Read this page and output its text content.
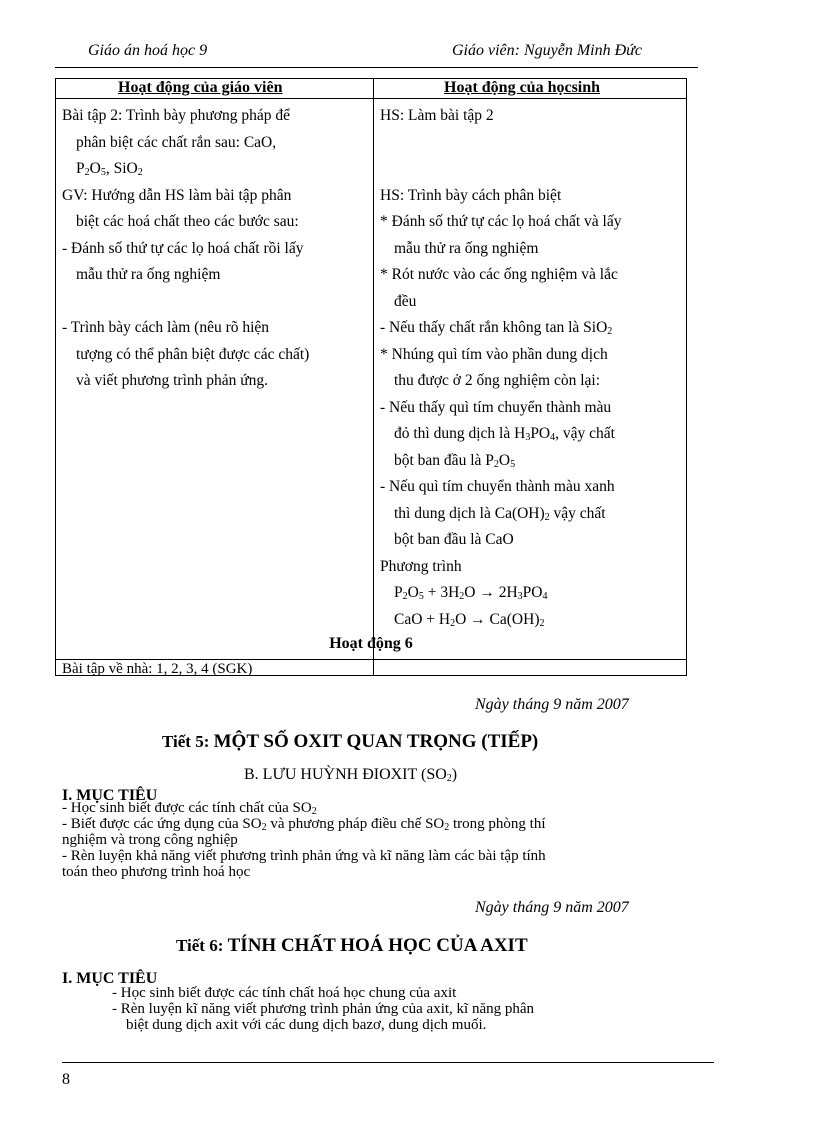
Giáo án hoá học 9	Giáo viên: Nguyễn Minh Đức
Hoạt động của giáo viên	Hoạt động của họcsinh

Bài tập 2: Trình bày phương pháp để

phân biệt các chất rắn sau: CaO,

$P_2O_5$, SiO$_2$

GV: Hướng dẫn HS làm bài tập phân

biệt các hoá chất theo các bước sau:

- Đánh số thứ tự các lọ hoá chất rồi lấy

mẫu thử ra ống nghiệm

- Trình bày cách làm (nêu rõ hiện

tượng có thể phân biệt được các chất)

và viết phương trình phản ứng.

HS: Làm bài tập 2

HS: Trình bày cách phân biệt

* Đánh số thứ tự các lọ hoá chất và lấy

mẫu thử ra ống nghiệm

* Rót nước vào các ống nghiệm và lắc

đều

- Nếu thấy chất rắn không tan là SiO$_2$

* Nhúng quì tím vào phần dung dịch

thu được ở 2 ống nghiệm còn lại:

- Nếu thấy quì tím chuyển thành màu

đỏ thì dung dịch là $H_3PO_4$, vậy chất

bột ban đầu là $P_2O_5$

- Nếu quì tím chuyển thành màu xanh

thì dung dịch là $Ca(OH)_2$ vậy chất

bột ban đầu là CaO

Phương trình

$P_2O_5 + 3H_2O \to 2H_3PO_4$

CaO + $H_2O \to Ca(OH)_2$

Hoạt động 6
Bài tập về nhà: 1, 2, 3, 4 (SGK)
Ngày tháng 9 năm 2007
Tiết 5: MỘT SỐ OXIT QUAN TRỌNG (TIẾP)
B. LƯU HUỲNH ĐIOXIT $(SO_2)$
I. MỤC TIÊU

- Học sinh biết được các tính chất của $SO_2$

- Biết được các ứng dụng của $SO_2$ và phương pháp điều chế $SO_2$ trong phòng thí

nghiệm và trong công nghiệp

- Rèn luyện khả năng viết phương trình phản ứng và kĩ năng làm các bài tập tính

toán theo phương trình hoá học

Ngày tháng 9 năm 2007
Tiết 6: TÍNH CHẤT HOÁ HỌC CỦA AXIT
I. MỤC TIÊU

- Học sinh biết được các tính chất hoá học chung của axit

- Rèn luyện kĩ năng viết phương trình phản ứng của axit, kĩ năng phân

biệt dung dịch axit với các dung dịch bazơ, dung dịch muối.

8
